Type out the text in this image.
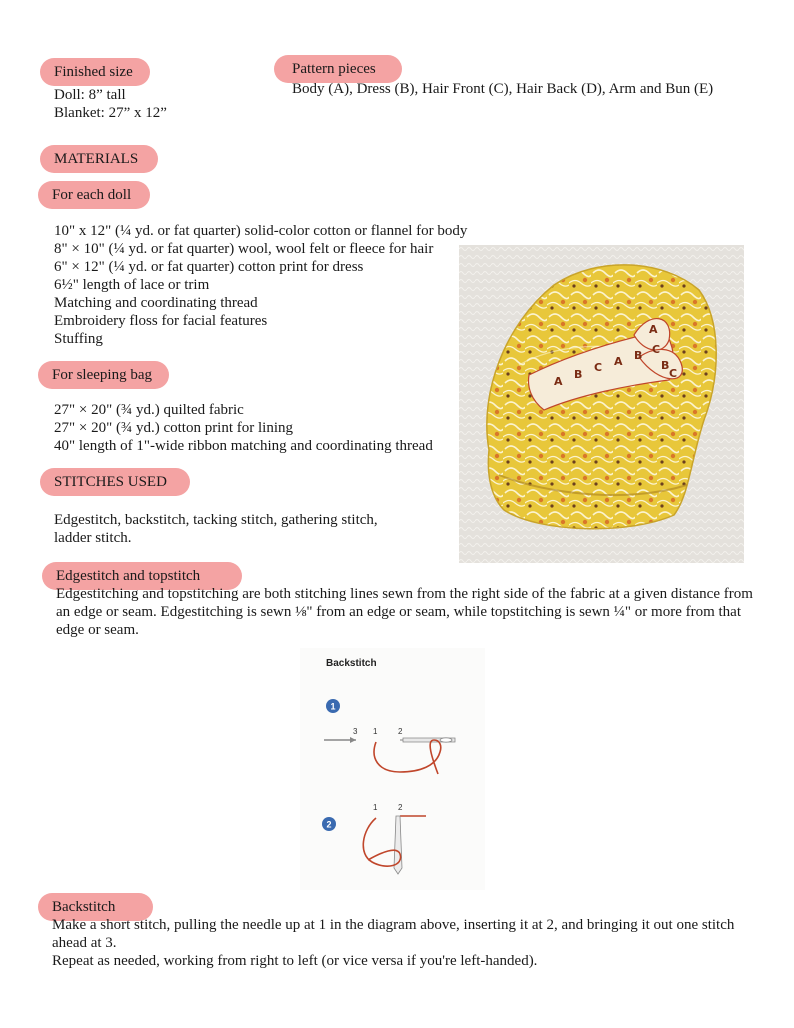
Finished size
Doll: 8” tall
Blanket: 27” x 12”
Pattern pieces
Body (A), Dress (B), Hair Front (C), Hair Back (D), Arm and Bun (E)
MATERIALS
For each doll
10" x 12" (¼ yd. or fat quarter) solid-color cotton or flannel for body
8" × 10" (¼ yd. or fat quarter) wool, wool felt or fleece for hair
6" × 12" (¼ yd. or fat quarter) cotton print for dress
6½" length of lace or trim
Matching and coordinating thread
Embroidery floss for facial features
Stuffing
For sleeping bag
27" × 20" (¾ yd.) quilted fabric
27" × 20" (¾ yd.) cotton print for lining
40" length of 1"-wide ribbon matching and coordinating thread
STITCHES USED
Edgestitch, backstitch, tacking stitch, gathering stitch, ladder stitch.
A
B
C A B C
A
B
C
Edgestitch and topstitch
Edgestitching and topstitching are both stitching lines sewn from the right side of the fabric at a given distance from an edge or seam. Edgestitching is sewn ⅛" from an edge or seam, while topstitching is sewn ¼" or more from that edge or seam.
Backstitch
1
3 1	2
2
1	2
Backstitch
Make a short stitch, pulling the needle up at 1 in the diagram above, inserting it at 2, and bringing it out one stitch ahead at 3.
Repeat as needed, working from right to left (or vice versa if you're left-handed).
